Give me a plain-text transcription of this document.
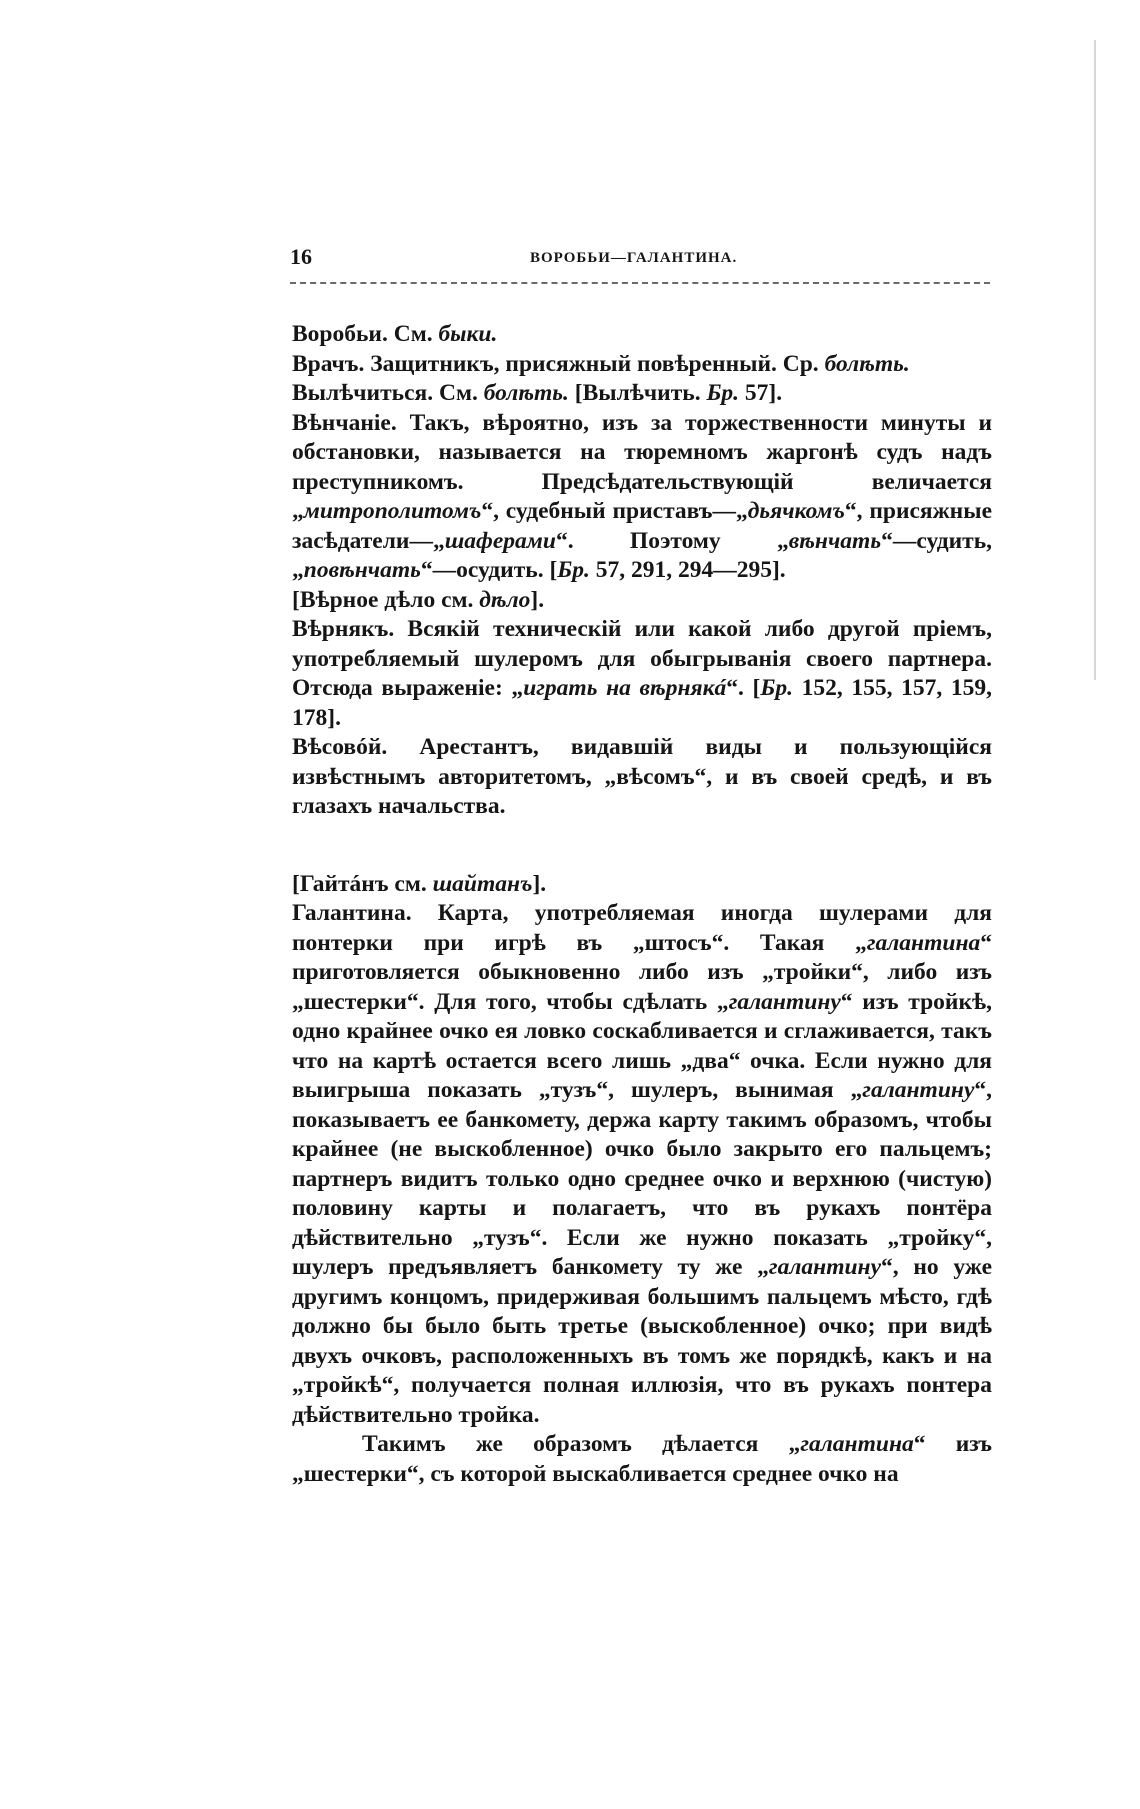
16	ВОРОБЬИ—ГАЛАНТИНА.

Воробьи. См. быки.

Врачъ. Защитникъ, присяжный повѣренный. Ср. болѣть.

Вылѣчиться. См. болѣть. [Вылѣчить. Бр. 57].

Вѣнчаніе. Такъ, вѣроятно, изъ за торжественности минуты и обстановки, называется на тюремномъ жаргонѣ судъ надъ преступникомъ. Предсѣдательствующій величается „митрополитомъ“, судебный приставъ—„дьячкомъ“, присяжные засѣдатели—„шаферами“. Поэтому „вѣнчать“—судить, „повѣнчать“—осудить. [Бр. 57, 291, 294—295].

[Вѣрное дѣло см. дѣло].

Вѣрнякъ. Всякій техническій или какой либо другой пріемъ, употребляемый шулеромъ для обыгрыванія своего партнера. Отсюда выраженіе: „играть на вѣрнякá“. [Бр. 152, 155, 157, 159, 178].

Вѣсовóй. Арестантъ, видавшій виды и пользующійся извѣстнымъ авторитетомъ, „вѣсомъ“, и въ своей средѣ, и въ глазахъ начальства.

[Гайтáнъ см. шайтанъ].

Галантина. Карта, употребляемая иногда шулерами для понтерки при игрѣ въ „штосъ“. Такая „галантина“ приготовляется обыкновенно либо изъ „тройки“, либо изъ „шестерки“. Для того, чтобы сдѣлать „галантину“ изъ тройкѣ, одно крайнее очко ея ловко соскабливается и сглаживается, такъ что на картѣ остается всего лишь „два“ очка. Если нужно для выигрыша показать „тузъ“, шулеръ, вынимая „галантину“, показываетъ ее банкомету, держа карту такимъ образомъ, чтобы крайнее (не выскобленное) очко было закрыто его пальцемъ; партнеръ видитъ только одно среднее очко и верхнюю (чистую) половину карты и полагаетъ, что въ рукахъ понтёра дѣйствительно „тузъ“. Если же нужно показать „тройку“, шулеръ предъявляетъ банкомету ту же „галантину“, но уже другимъ концомъ, придерживая большимъ пальцемъ мѣсто, гдѣ должно бы было быть третье (выскобленное) очко; при видѣ двухъ очковъ, расположенныхъ въ томъ же порядкѣ, какъ и на „тройкѣ“, получается полная иллюзія, что въ рукахъ понтера дѣйствительно тройка.

Такимъ же образомъ дѣлается „галантина“ изъ „шестерки“, съ которой выскабливается среднее очко на
